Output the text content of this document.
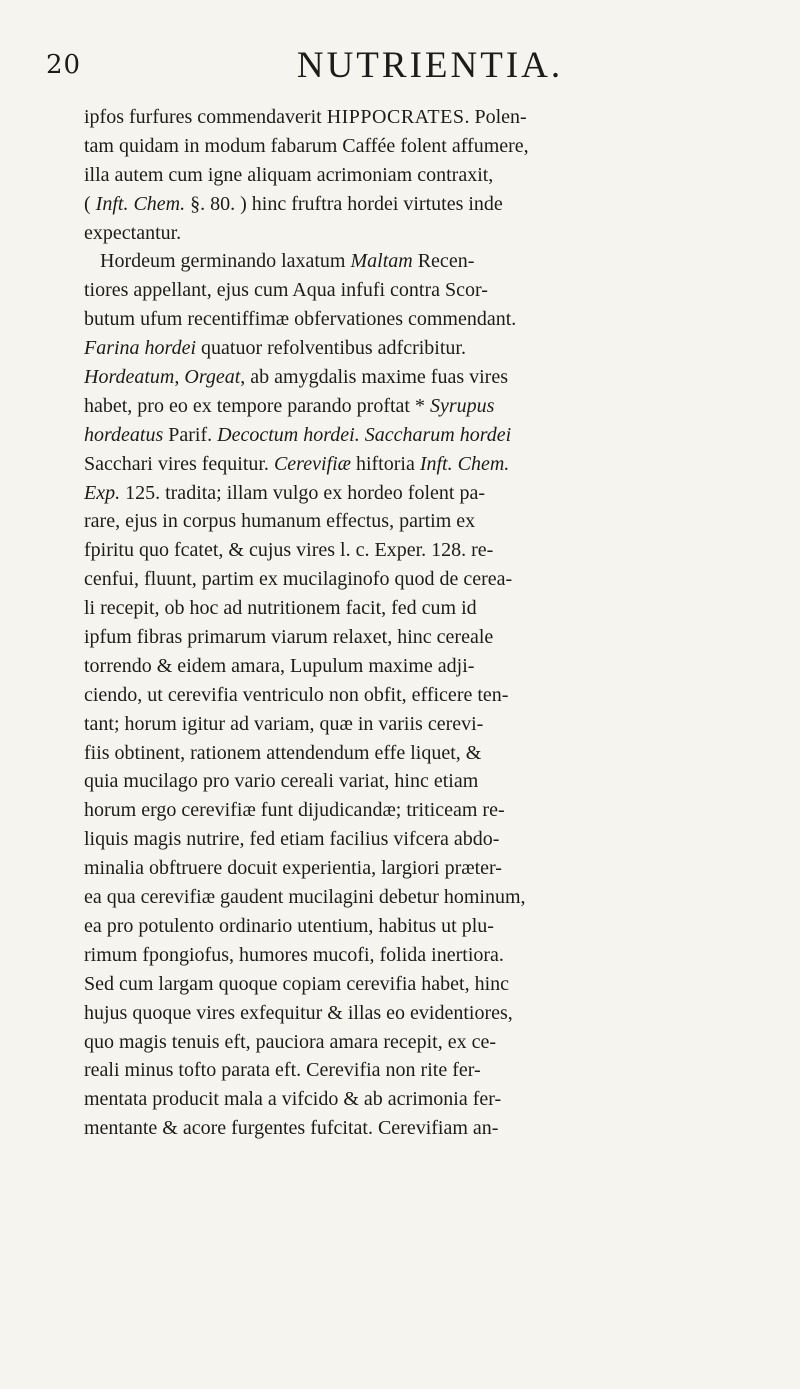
20	NUTRIENTIA.
ipfos furfures commendaverit HIPPOCRATES. Polen-
tam quidam in modum fabarum Caffée folent affumere,
illa autem cum igne aliquam acrimoniam contraxit,
( Inft. Chem. §. 80. ) hinc fruftra hordei virtutes inde
expectantur.
Hordeum germinando laxatum Maltam Recen-
tiores appellant, ejus cum Aqua infufi contra Scor-
butum ufum recentiffimæ obfervationes commendant.
Farina hordei quatuor refolventibus adfcribitur.
Hordeatum, Orgeat, ab amygdalis maxime fuas vires
habet, pro eo ex tempore parando proftat * Syrupus
hordeatus Parif. Decoctum hordei. Saccharum hordei
Sacchari vires fequitur. Cerevifiæ hiftoria Inft. Chem.
Exp. 125. tradita; illam vulgo ex hordeo folent pa-
rare, ejus in corpus humanum effectus, partim ex
fpiritu quo fcatet, & cujus vires l. c. Exper. 128. re-
cenfui, fluunt, partim ex mucilaginofo quod de cerea-
li recepit, ob hoc ad nutritionem facit, fed cum id
ipfum fibras primarum viarum relaxet, hinc cereale
torrendo & eidem amara, Lupulum maxime adji-
ciendo, ut cerevifia ventriculo non obfit, efficere ten-
tant; horum igitur ad variam, quæ in variis cerevi-
fiis obtinent, rationem attendendum effe liquet, &
quia mucilago pro vario cereali variat, hinc etiam
horum ergo cerevifiæ funt dijudicandæ; triticeam re-
liquis magis nutrire, fed etiam facilius vifcera abdo-
minalia obftruere docuit experientia, largiori præter-
ea qua cerevifiæ gaudent mucilagini debetur hominum,
ea pro potulento ordinario utentium, habitus ut plu-
rimum fpongiofus, humores mucofi, folida inertiora.
Sed cum largam quoque copiam cerevifia habet, hinc
hujus quoque vires exfequitur & illas eo evidentiores,
quo magis tenuis eft, pauciora amara recepit, ex ce-
reali minus tofto parata eft. Cerevifia non rite fer-
mentata producit mala a vifcido & ab acrimonia fer-
mentante & acore furgentes fufcitat. Cerevifiam an-
